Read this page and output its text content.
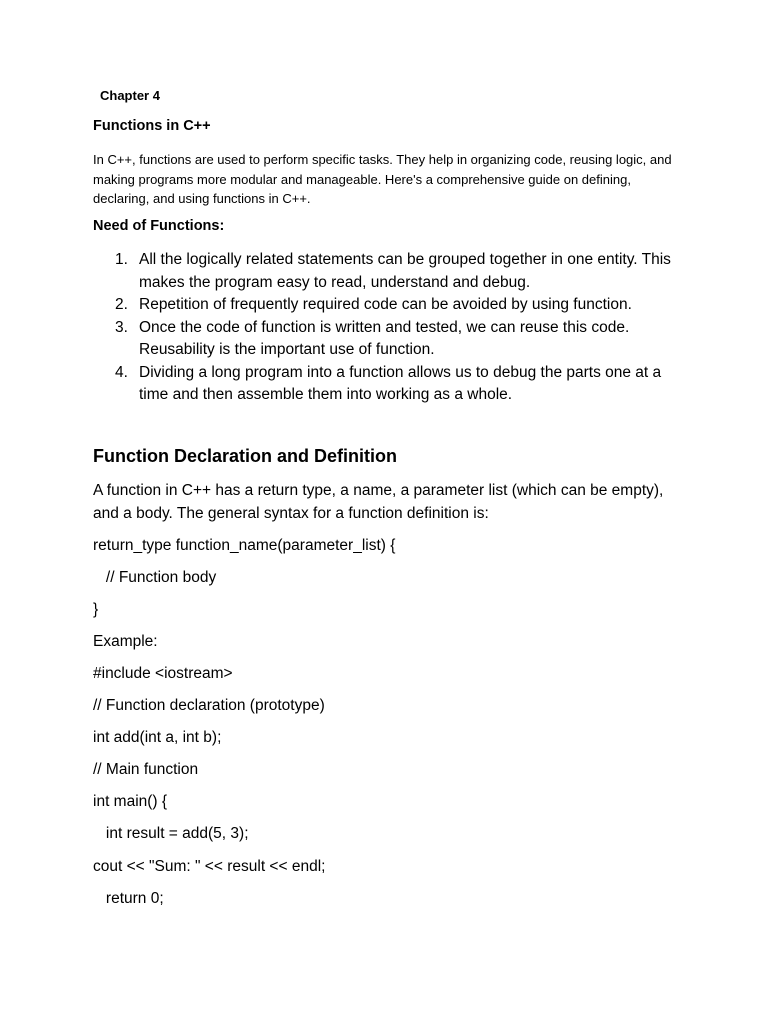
Chapter 4
Functions in C++
In C++, functions are used to perform specific tasks. They help in organizing code, reusing logic, and making programs more modular and manageable. Here's a comprehensive guide on defining, declaring, and using functions in C++.
Need of Functions:
1. All the logically related statements can be grouped together in one entity. This makes the program easy to read, understand and debug.
2. Repetition of frequently required code can be avoided by using function.
3. Once the code of function is written and tested, we can reuse this code. Reusability is the important use of function.
4. Dividing a long program into a function allows us to debug the parts one at a time and then assemble them into working as a whole.
Function Declaration and Definition
A function in C++ has a return type, a name, a parameter list (which can be empty), and a body. The general syntax for a function definition is:
return_type function_name(parameter_list) {
// Function body
}
Example:
#include <iostream>
// Function declaration (prototype)
int add(int a, int b);
// Main function
int main() {
int result = add(5, 3);
cout << "Sum: " << result << endl;
return 0;
